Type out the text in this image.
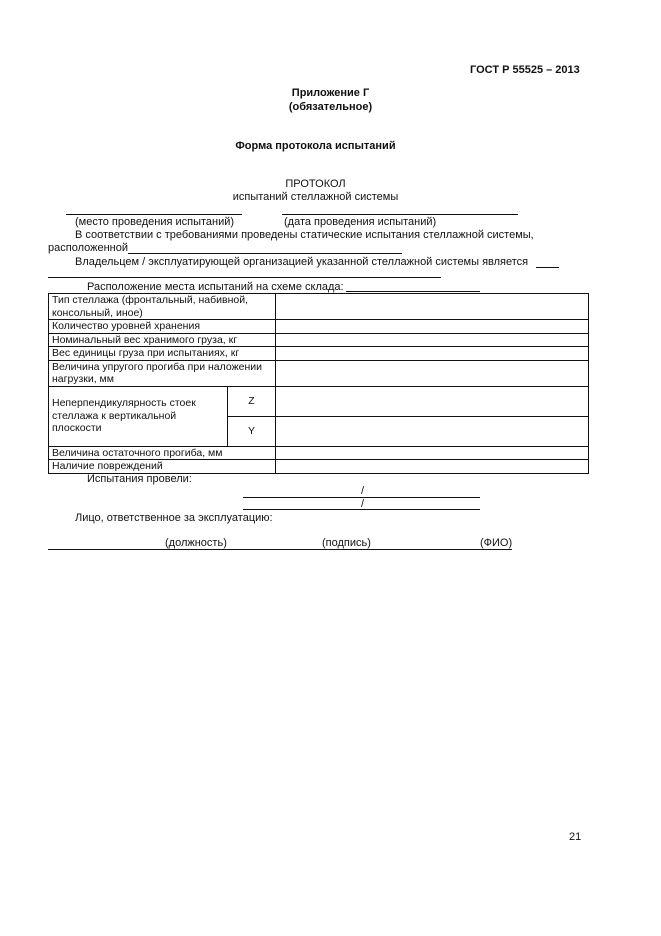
ГОСТ Р 55525 – 2013
Приложение Г
(обязательное)
Форма протокола испытаний
ПРОТОКОЛ
испытаний стеллажной системы
(место проведения испытаний)	(дата проведения испытаний)
В соответствии с требованиями проведены статические испытания стеллажной системы,
расположенной
Владельцем / эксплуатирующей организацией указанной стеллажной системы является
Расположение места испытаний на схеме склада:
Тип стеллажа (фронтальный, набивной, консольный, иное)		
Количество уровней хранения		
Номинальный вес хранимого груза, кг		
Вес единицы груза при испытаниях, кг		
Величина упругого прогиба при наложении нагрузки, мм		
Неперпендикулярность стоек стеллажа к вертикальной плоскости	Z	
	Y	
Величина остаточного прогиба, мм		
Наличие повреждений		
Испытания провели:
/
/
Лицо, ответственное за эксплуатацию:
(должность)	(подпись)	(ФИО)
21
